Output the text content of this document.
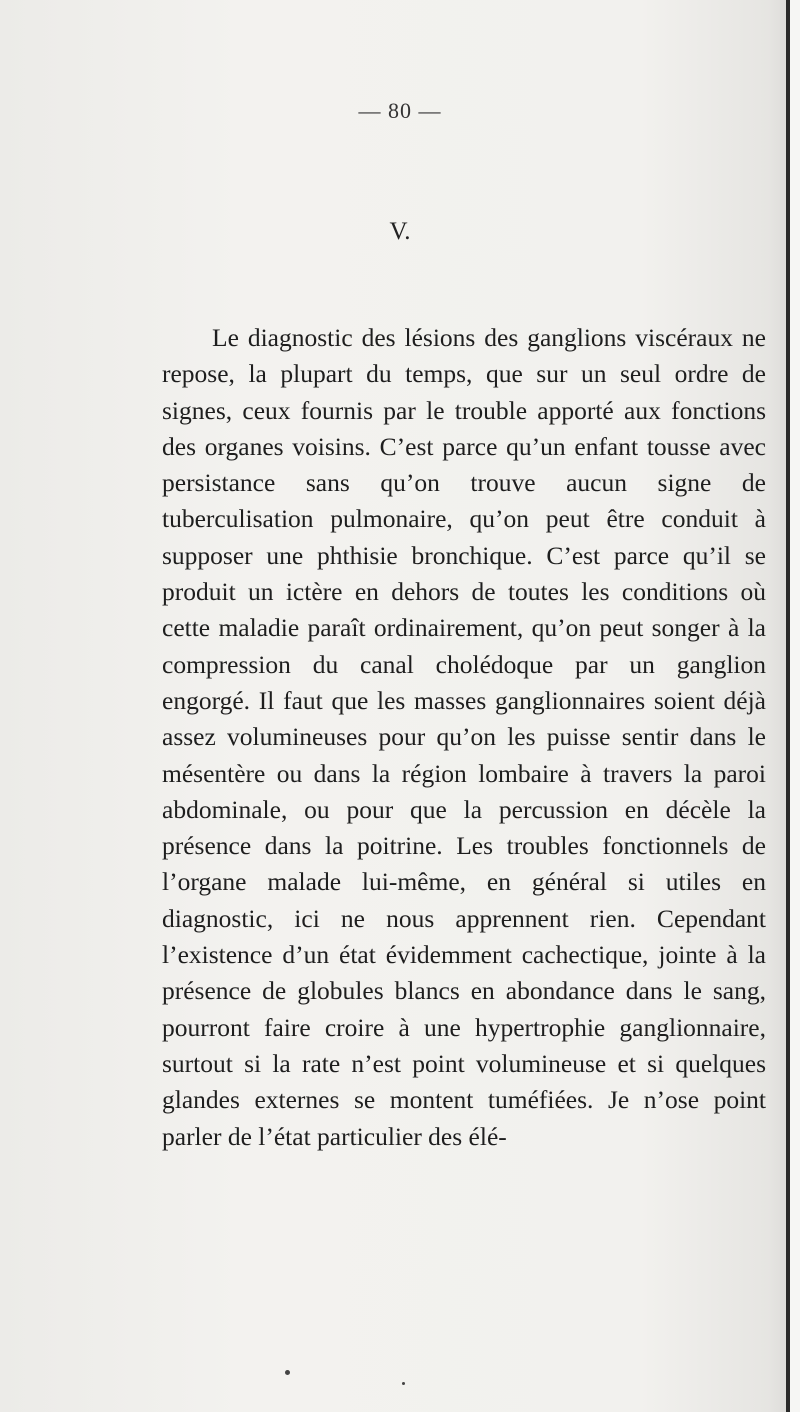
— 80 —
V.

Le diagnostic des lésions des ganglions viscéraux ne repose, la plupart du temps, que sur un seul ordre de signes, ceux fournis par le trouble apporté aux fonctions des organes voisins. C’est parce qu’un enfant tousse avec persistance sans qu’on trouve aucun signe de tuberculisation pulmonaire, qu’on peut être conduit à supposer une phthisie bronchique. C’est parce qu’il se produit un ictère en dehors de toutes les conditions où cette maladie paraît ordinairement, qu’on peut songer à la compression du canal cholédoque par un ganglion engorgé. Il faut que les masses ganglionnaires soient déjà assez volumineuses pour qu’on les puisse sentir dans le mésentère ou dans la région lombaire à travers la paroi abdominale, ou pour que la percussion en décèle la présence dans la poitrine. Les troubles fonctionnels de l’organe malade lui-même, en général si utiles en diagnostic, ici ne nous apprennent rien. Cependant l’existence d’un état évidemment cachectique, jointe à la présence de globules blancs en abondance dans le sang, pourront faire croire à une hypertrophie ganglionnaire, surtout si la rate n’est point volumineuse et si quelques glandes externes se montent tuméfiées. Je n’ose point parler de l’état particulier des élé-
